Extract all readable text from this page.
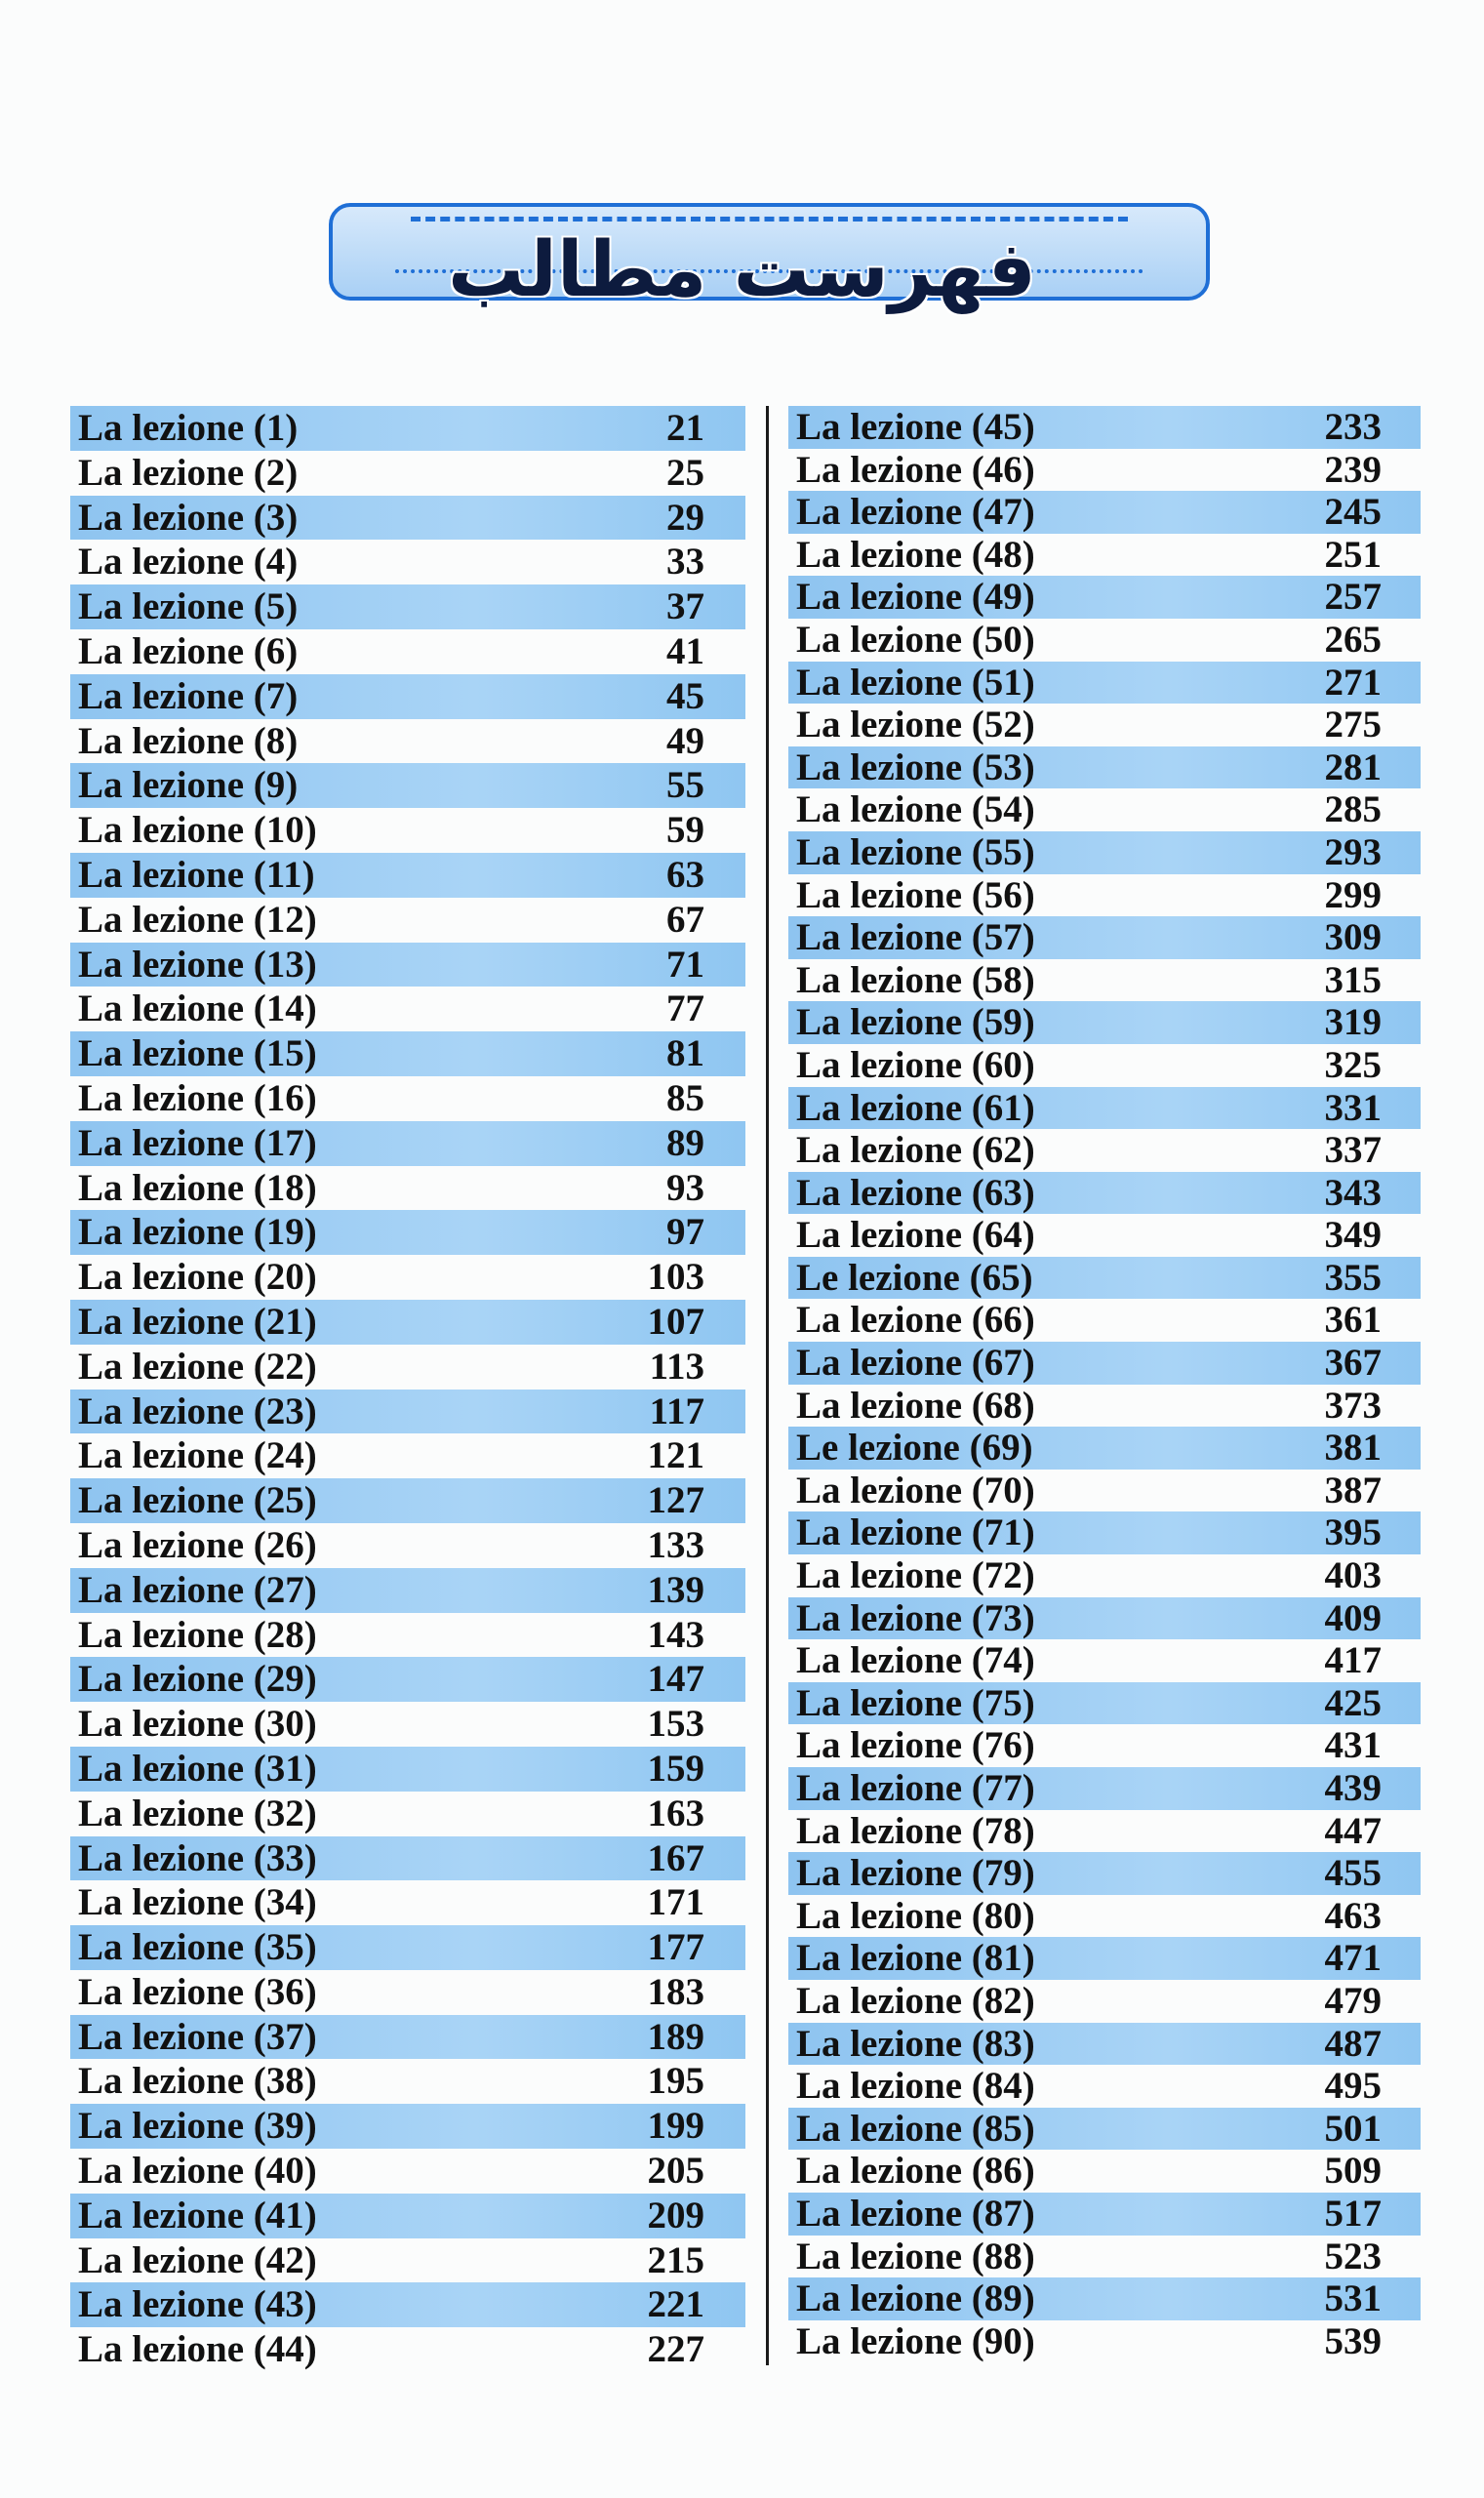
فهرست مطالب
La lezione (1)	21
La lezione (2)	25
La lezione (3)	29
La lezione (4)	33
La lezione (5)	37
La lezione (6)	41
La lezione (7)	45
La lezione (8)	49
La lezione (9)	55
La lezione (10)	59
La lezione (11)	63
La lezione (12)	67
La lezione (13)	71
La lezione (14)	77
La lezione (15)	81
La lezione (16)	85
La lezione (17)	89
La lezione (18)	93
La lezione (19)	97
La lezione (20)	103
La lezione (21)	107
La lezione (22)	113
La lezione (23)	117
La lezione (24)	121
La lezione (25)	127
La lezione (26)	133
La lezione (27)	139
La lezione (28)	143
La lezione (29)	147
La lezione (30)	153
La lezione (31)	159
La lezione (32)	163
La lezione (33)	167
La lezione (34)	171
La lezione (35)	177
La lezione (36)	183
La lezione (37)	189
La lezione (38)	195
La lezione (39)	199
La lezione (40)	205
La lezione (41)	209
La lezione (42)	215
La lezione (43)	221
La lezione (44)	227
La lezione (45)	233
La lezione (46)	239
La lezione (47)	245
La lezione (48)	251
La lezione (49)	257
La lezione (50)	265
La lezione (51)	271
La lezione (52)	275
La lezione (53)	281
La lezione (54)	285
La lezione (55)	293
La lezione (56)	299
La lezione (57)	309
La lezione (58)	315
La lezione (59)	319
La lezione (60)	325
La lezione (61)	331
La lezione (62)	337
La lezione (63)	343
La lezione (64)	349
Le lezione (65)	355
La lezione (66)	361
La lezione (67)	367
La lezione (68)	373
Le lezione (69)	381
La lezione (70)	387
La lezione (71)	395
La lezione (72)	403
La lezione (73)	409
La lezione (74)	417
La lezione (75)	425
La lezione (76)	431
La lezione (77)	439
La lezione (78)	447
La lezione (79)	455
La lezione (80)	463
La lezione (81)	471
La lezione (82)	479
La lezione (83)	487
La lezione (84)	495
La lezione (85)	501
La lezione (86)	509
La lezione (87)	517
La lezione (88)	523
La lezione (89)	531
La lezione (90)	539
